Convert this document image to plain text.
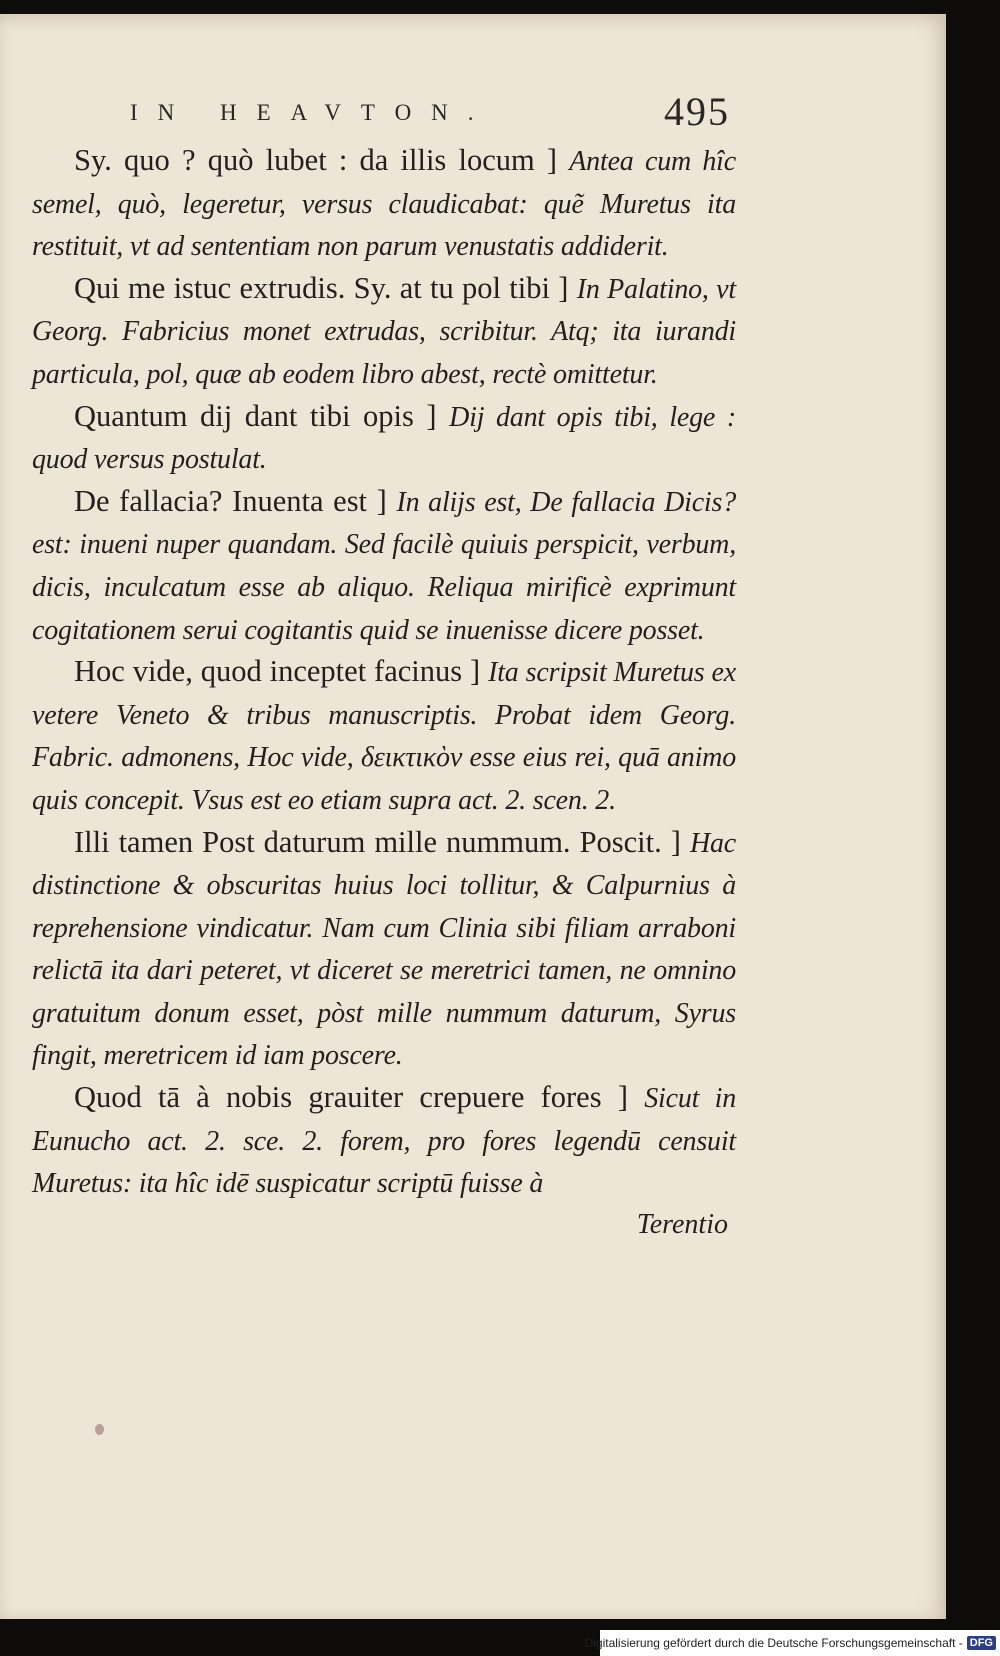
IN HEAVTON.	495

Sy. quo ? quò lubet : da illis locum ] Antea cum hîc semel, quò, legeretur, versus claudicabat: quẽ Muretus ita restituit, vt ad sententiam non parum venustatis addiderit.

Qui me istuc extrudis. Sy. at tu pol tibi ] In Palatino, vt Georg. Fabricius monet extrudas, scribitur. Atq; ita iurandi particula, pol, quæ ab eodem libro abest, rectè omittetur.

Quantum dij dant tibi opis ] Dij dant opis tibi, lege : quod versus postulat.

De fallacia? Inuenta est ] In alijs est, De fallacia Dicis? est: inueni nuper quandam. Sed facilè quiuis perspicit, verbum, dicis, inculcatum esse ab aliquo. Reliqua mirificè exprimunt cogitationem serui cogitantis quid se inuenisse dicere posset.

Hoc vide, quod inceptet facinus ] Ita scripsit Muretus ex vetere Veneto & tribus manuscriptis. Probat idem Georg. Fabric. admonens, Hoc vide, δεικτικὸν esse eius rei, quā animo quis concepit. Vsus est eo etiam supra act. 2. scen. 2.

Illi tamen Post daturum mille nummum. Poscit. ] Hac distinctione & obscuritas huius loci tollitur, & Calpurnius à reprehensione vindicatur. Nam cum Clinia sibi filiam arraboni relictā ita dari peteret, vt diceret se meretrici tamen, ne omnino gratuitum donum esset, pòst mille nummum daturum, Syrus fingit, meretricem id iam poscere.

Quod tā à nobis grauiter crepuere fores ] Sicut in Eunucho act. 2. sce. 2. forem, pro fores legendū censuit Muretus: ita hîc idē suspicatur scriptū fuisse à

Terentio
Digitalisierung gefördert durch die Deutsche Forschungsgemeinschaft - DFG
